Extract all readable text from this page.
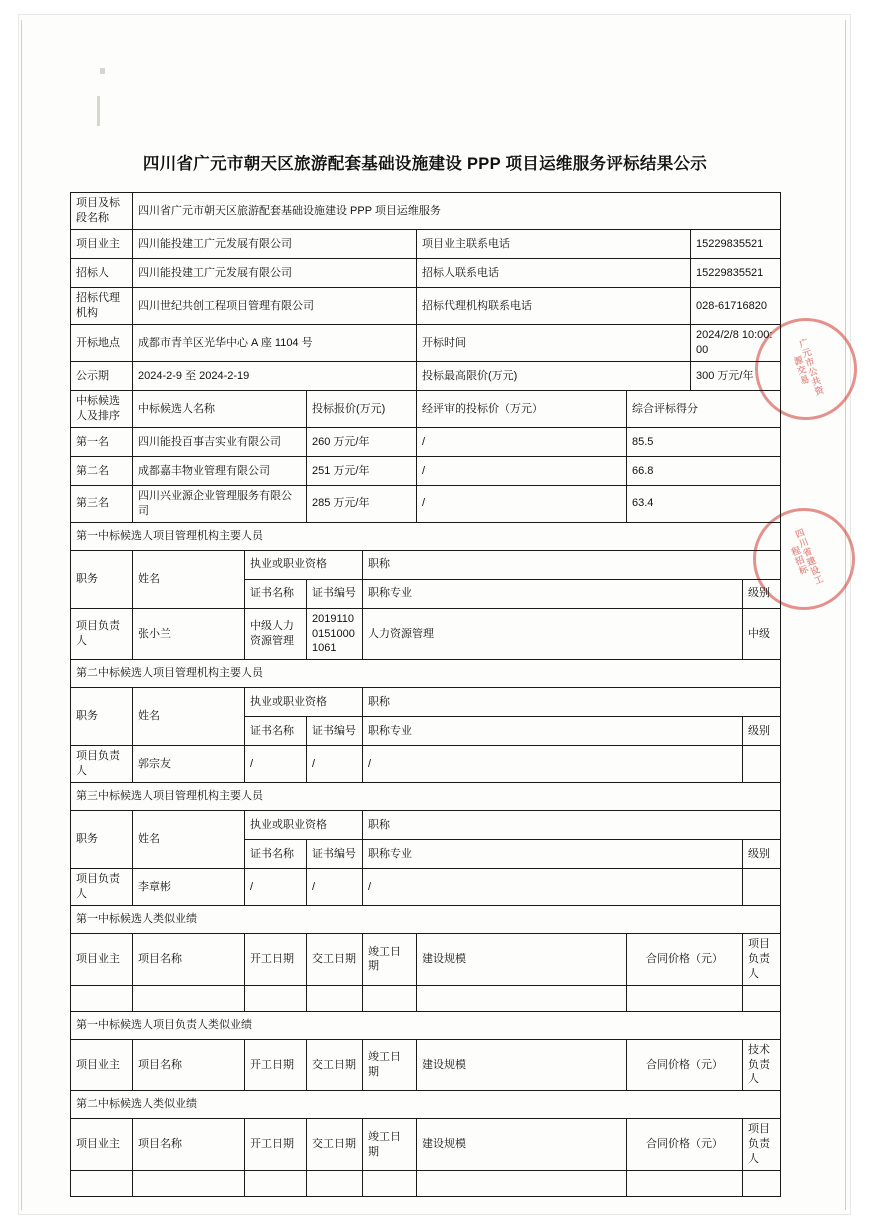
广元市公共资源交易
四川省建设工程招标
四川省广元市朝天区旅游配套基础设施建设 PPP 项目运维服务评标结果公示
项目及标段名称	四川省广元市朝天区旅游配套基础设施建设 PPP 项目运维服务							
项目业主	四川能投建工广元发展有限公司				项目业主联系电话		15229835521	
招标人	四川能投建工广元发展有限公司				招标人联系电话		15229835521	
招标代理机构	四川世纪共创工程项目管理有限公司				招标代理机构联系电话		028-61716820	
开标地点	成都市青羊区光华中心 A 座 1104 号				开标时间		2024/2/8 10:00:00	
公示期	2024-2-9 至 2024-2-19				投标最高限价(万元)		300 万元/年	
中标候选人及排序	中标候选人名称		投标报价(万元)		经评审的投标价（万元）	综合评标得分		
第一名	四川能投百事吉实业有限公司		260 万元/年		/	85.5		
第二名	成都嘉丰物业管理有限公司		251 万元/年		/	66.8		
第三名	四川兴业源企业管理服务有限公司		285 万元/年		/	63.4		
第一中标候选人项目管理机构主要人员								
职务	姓名	执业或职业资格		职称				
		证书名称	证书编号	职称专业				级别
项目负责人	张小兰	中级人力资源管理	201911001510001061	人力资源管理				中级
第二中标候选人项目管理机构主要人员								
职务	姓名	执业或职业资格		职称				
		证书名称	证书编号	职称专业				级别
项目负责人	郭宗友	/	/	/				
第三中标候选人项目管理机构主要人员								
职务	姓名	执业或职业资格		职称				
		证书名称	证书编号	职称专业				级别
项目负责人	李章彬	/	/	/				
第一中标候选人类似业绩								
项目业主	项目名称	开工日期	交工日期	竣工日期	建设规模	合同价格（元）		项目负责人

第一中标候选人项目负责人类似业绩								
项目业主	项目名称	开工日期	交工日期	竣工日期	建设规模	合同价格（元）		技术负责人
第二中标候选人类似业绩								
项目业主	项目名称	开工日期	交工日期	竣工日期	建设规模	合同价格（元）		项目负责人
